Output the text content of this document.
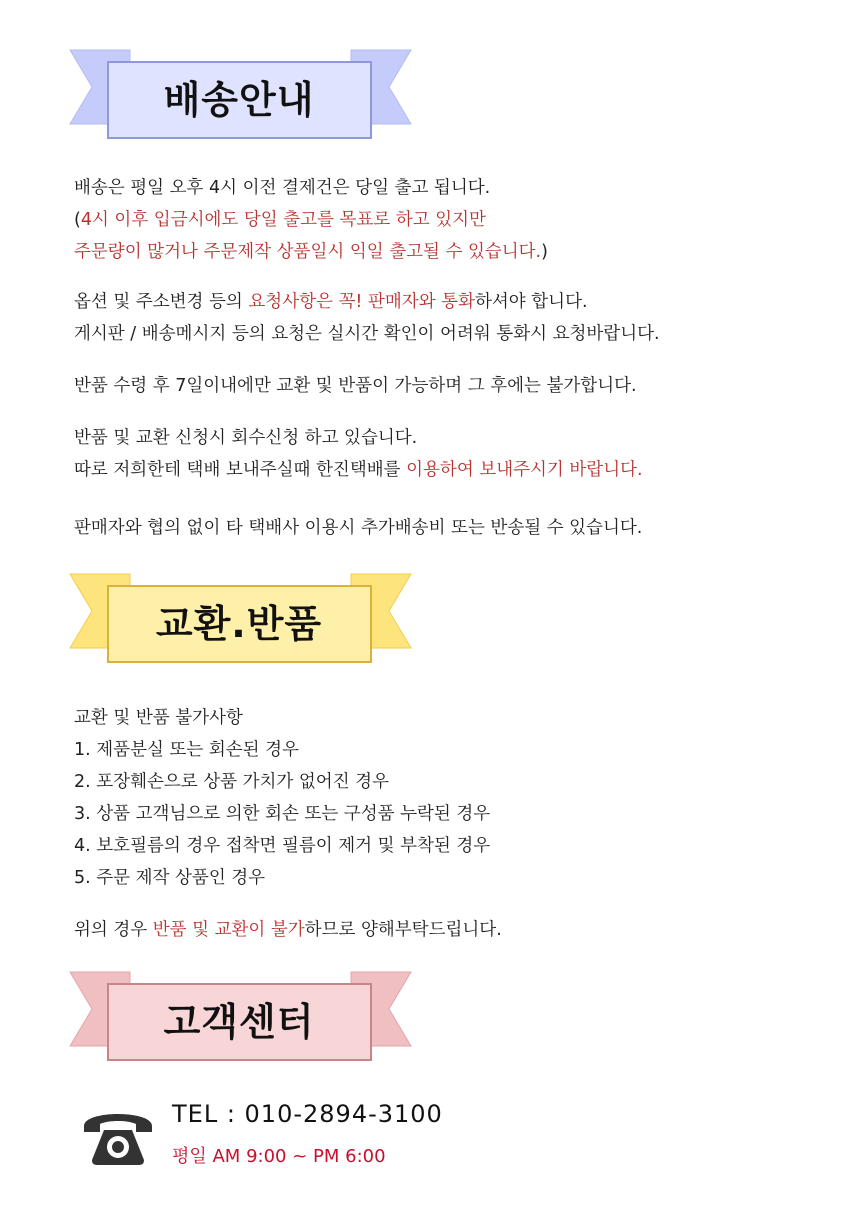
배송안내
배송은 평일 오후 4시 이전 결제건은 당일 출고 됩니다.
(4시 이후 입금시에도 당일 출고를 목표로 하고 있지만
주문량이 많거나 주문제작 상품일시 익일 출고될 수 있습니다.)
옵션 및 주소변경 등의 요청사항은 꼭! 판매자와 통화하셔야 합니다.
게시판 / 배송메시지 등의 요청은 실시간 확인이 어려워 통화시 요청바랍니다.
반품 수령 후 7일이내에만 교환 및 반품이 가능하며 그 후에는 불가합니다.
반품 및 교환 신청시 회수신청 하고 있습니다.
따로 저희한테 택배 보내주실때 한진택배를 이용하여 보내주시기 바랍니다.
판매자와 협의 없이 타 택배사 이용시 추가배송비 또는 반송될 수 있습니다.
교환.반품
교환 및 반품 불가사항
1. 제품분실 또는 회손된 경우
2. 포장훼손으로 상품 가치가 없어진 경우
3. 상품 고객님으로 의한 회손 또는 구성품 누락된 경우
4. 보호필름의 경우 접착면 필름이 제거 및 부착된 경우
5. 주문 제작 상품인 경우
위의 경우 반품 및 교환이 불가하므로 양해부탁드립니다.
고객센터
TEL : 010-2894-3100
평일 AM 9:00 ~ PM 6:00
